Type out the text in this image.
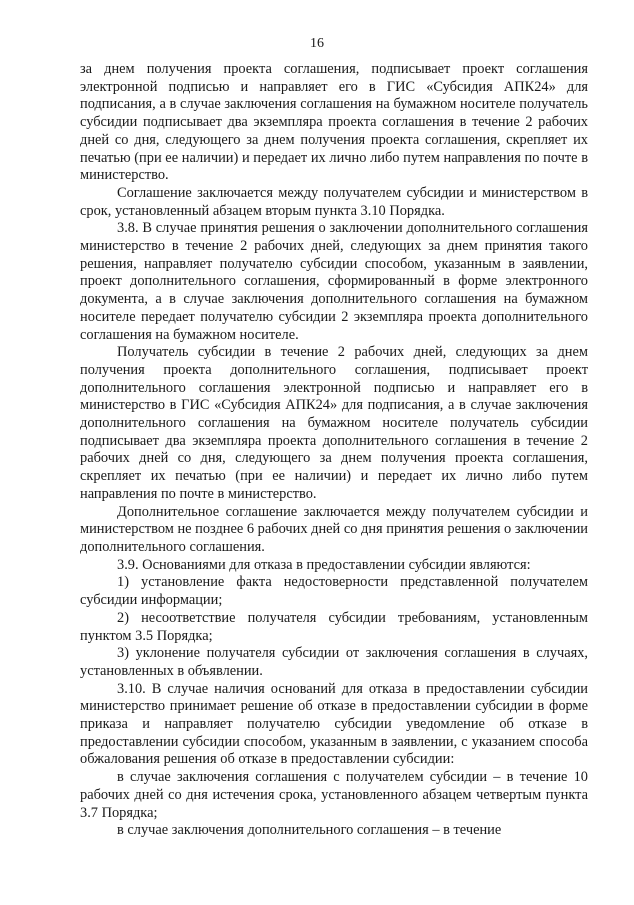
16

за днем получения проекта соглашения, подписывает проект соглашения электронной подписью и направляет его в ГИС «Субсидия АПК24» для подписания, а в случае заключения соглашения на бумажном носителе получатель субсидии подписывает два экземпляра проекта соглашения в течение 2 рабочих дней со дня, следующего за днем получения проекта соглашения, скрепляет их печатью (при ее наличии) и передает их лично либо путем направления по почте в министерство.

Соглашение заключается между получателем субсидии и министерством в срок, установленный абзацем вторым пункта 3.10 Порядка.

3.8. В случае принятия решения о заключении дополнительного соглашения министерство в течение 2 рабочих дней, следующих за днем принятия такого решения, направляет получателю субсидии способом, указанным в заявлении, проект дополнительного соглашения, сформированный в форме электронного документа, а в случае заключения дополнительного соглашения на бумажном носителе передает получателю субсидии 2 экземпляра проекта дополнительного соглашения на бумажном носителе.

Получатель субсидии в течение 2 рабочих дней, следующих за днем получения проекта дополнительного соглашения, подписывает проект дополнительного соглашения электронной подписью и направляет его в министерство в ГИС «Субсидия АПК24» для подписания, а в случае заключения дополнительного соглашения на бумажном носителе получатель субсидии подписывает два экземпляра проекта дополнительного соглашения в течение 2 рабочих дней со дня, следующего за днем получения проекта соглашения, скрепляет их печатью (при ее наличии) и передает их лично либо путем направления по почте в министерство.

Дополнительное соглашение заключается между получателем субсидии и министерством не позднее 6 рабочих дней со дня принятия решения о заключении дополнительного соглашения.

3.9. Основаниями для отказа в предоставлении субсидии являются:

1) установление факта недостоверности представленной получателем субсидии информации;

2) несоответствие получателя субсидии требованиям, установленным пунктом 3.5 Порядка;

3) уклонение получателя субсидии от заключения соглашения в случаях, установленных в объявлении.

3.10. В случае наличия оснований для отказа в предоставлении субсидии министерство принимает решение об отказе в предоставлении субсидии в форме приказа и направляет получателю субсидии уведомление об отказе в предоставлении субсидии способом, указанным в заявлении, с указанием способа обжалования решения об отказе в предоставлении субсидии:

в случае заключения соглашения с получателем субсидии – в течение 10 рабочих дней со дня истечения срока, установленного абзацем четвертым пункта 3.7 Порядка;

в случае заключения дополнительного соглашения – в течение
